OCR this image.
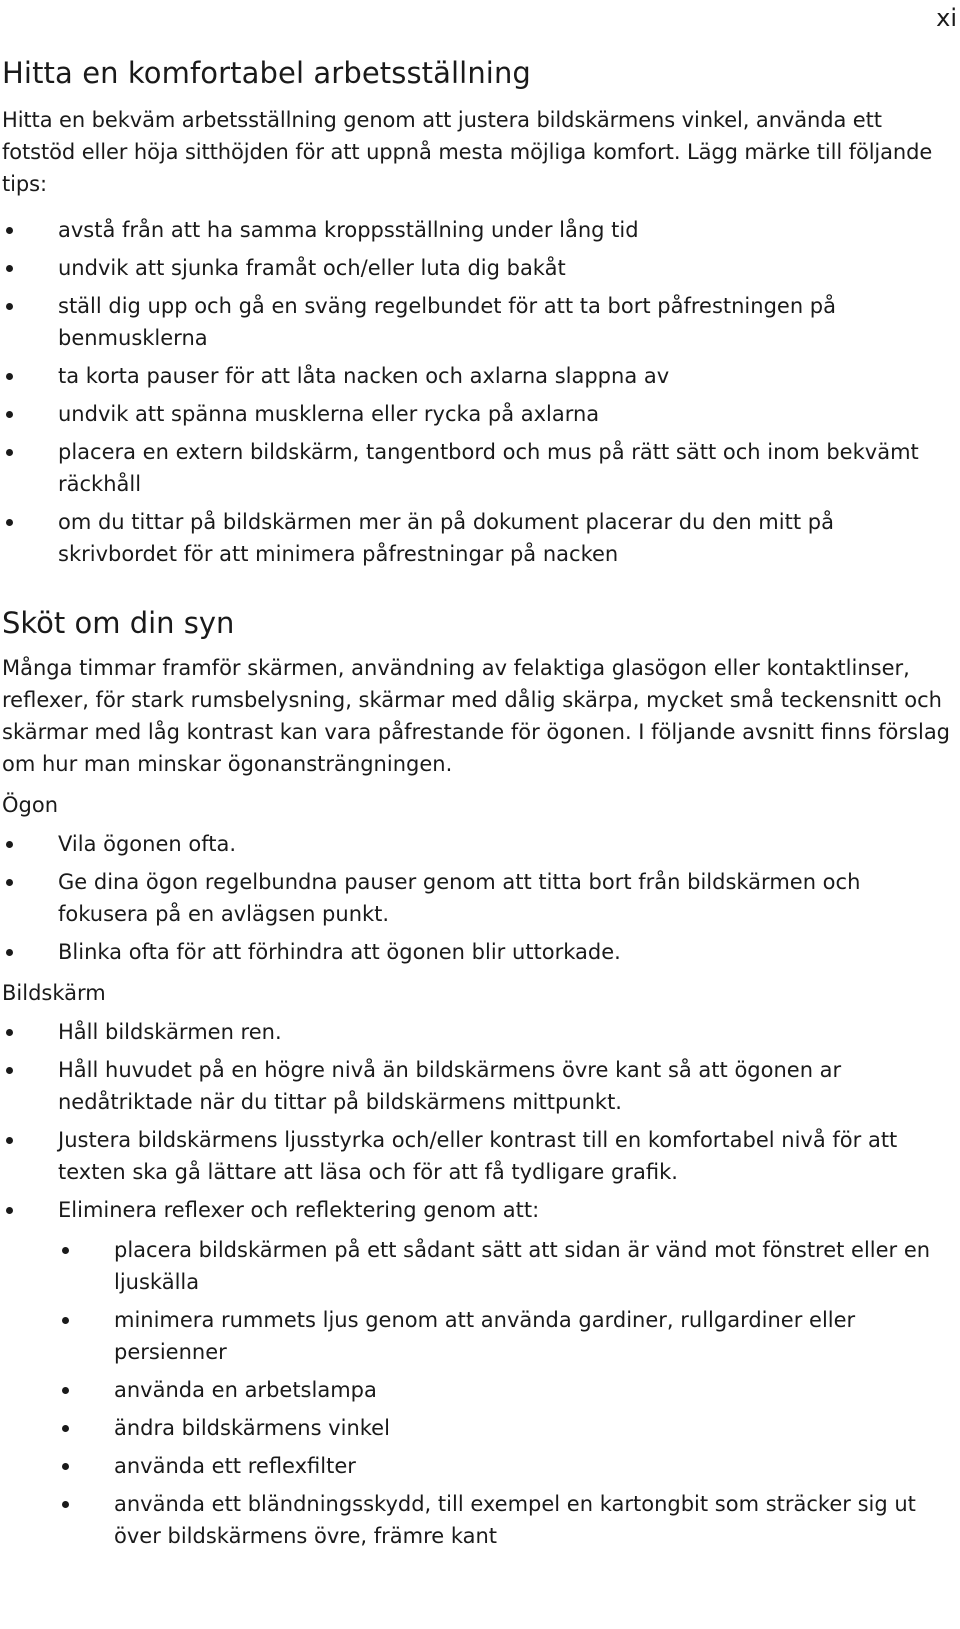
xi
Hitta en komfortabel arbetsställning

Hitta en bekväm arbetsställning genom att justera bildskärmens vinkel, använda ett fotstöd eller höja sitthöjden för att uppnå mesta möjliga komfort. Lägg märke till följande tips:

avstå från att ha samma kroppsställning under lång tid
undvik att sjunka framåt och/eller luta dig bakåt
ställ dig upp och gå en sväng regelbundet för att ta bort påfrestningen på benmusklerna
ta korta pauser för att låta nacken och axlarna slappna av
undvik att spänna musklerna eller rycka på axlarna
placera en extern bildskärm, tangentbord och mus på rätt sätt och inom bekvämt räckhåll
om du tittar på bildskärmen mer än på dokument placerar du den mitt på skrivbordet för att minimera påfrestningar på nacken
Sköt om din syn

Många timmar framför skärmen, användning av felaktiga glasögon eller kontaktlinser, reflexer, för stark rumsbelysning, skärmar med dålig skärpa, mycket små teckensnitt och skärmar med låg kontrast kan vara påfrestande för ögonen. I följande avsnitt finns förslag om hur man minskar ögonansträngningen.

Ögon
Vila ögonen ofta.
Ge dina ögon regelbundna pauser genom att titta bort från bildskärmen och fokusera på en avlägsen punkt.
Blinka ofta för att förhindra att ögonen blir uttorkade.
Bildskärm
Håll bildskärmen ren.
Håll huvudet på en högre nivå än bildskärmens övre kant så att ögonen ar nedåtriktade när du tittar på bildskärmens mittpunkt.
Justera bildskärmens ljusstyrka och/eller kontrast till en komfortabel nivå för att texten ska gå lättare att läsa och för att få tydligare grafik.
Eliminera reflexer och reflektering genom att:
placera bildskärmen på ett sådant sätt att sidan är vänd mot fönstret eller en ljuskälla
minimera rummets ljus genom att använda gardiner, rullgardiner eller persienner
använda en arbetslampa
ändra bildskärmens vinkel
använda ett reflexfilter
använda ett bländningsskydd, till exempel en kartongbit som sträcker sig ut över bildskärmens övre, främre kant
